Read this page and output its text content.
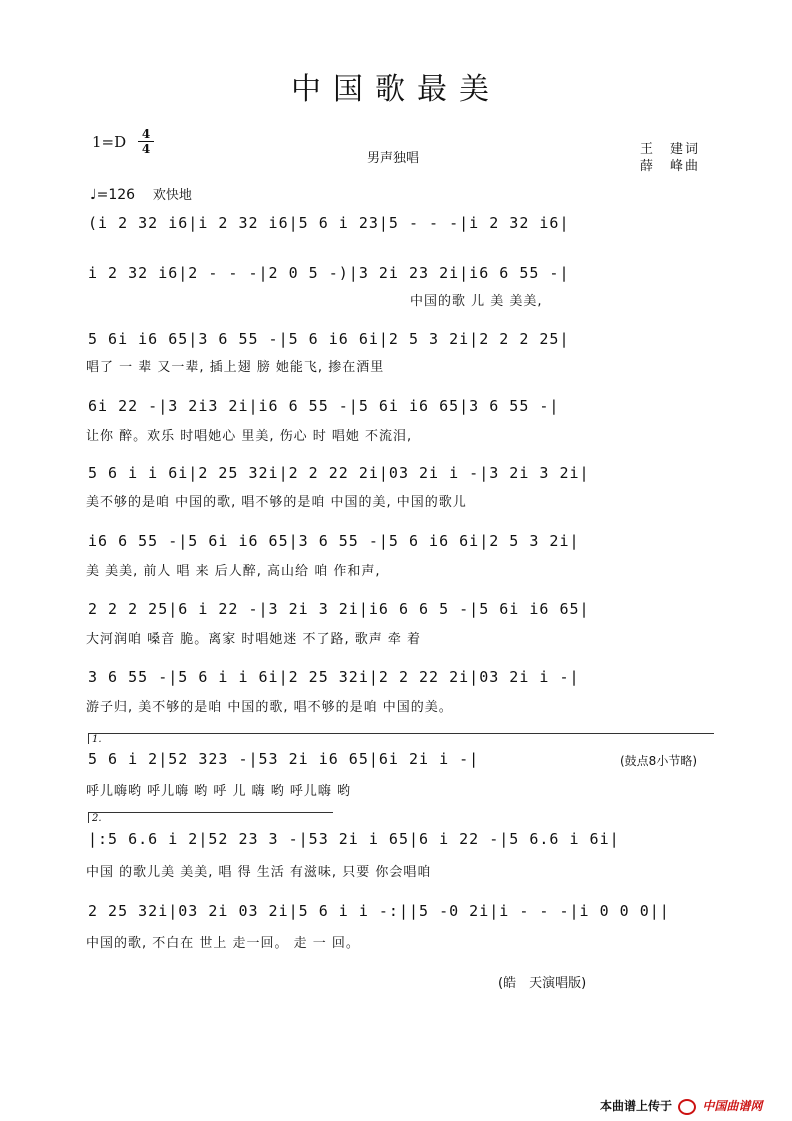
中国歌最美
1=D	4
4
男声独唱
王　建词
薛　峰曲
♩=126 欢快地
(i 2 32 i6|i 2 32 i6|5 6 i 23|5 - - -|i 2 32 i6|
i 2 32 i6|2 - - -|2 0 5 -)|3 2i 23 2i|i6 6 55 -|
中国的歌 儿 美 美美,
5 6i i6 65|3 6 55 -|5 6 i6 6i|2 5 3 2i|2 2 2 25|
唱了 一 辈 又一辈, 插上翅 膀 她能飞, 掺在酒里
6i 22 -|3 2i3 2i|i6 6 55 -|5 6i i6 65|3 6 55 -|
让你 醉。欢乐 时唱她心 里美, 伤心 时 唱她 不流泪,
5 6 i i 6i|2 25 32i|2 2 22 2i|03 2i i -|3 2i 3 2i|
美不够的是咱 中国的歌, 唱不够的是咱 中国的美, 中国的歌儿
i6 6 55 -|5 6i i6 65|3 6 55 -|5 6 i6 6i|2 5 3 2i|
美 美美, 前人 唱 来 后人醉, 高山给 咱 作和声,
2 2 2 25|6 i 22 -|3 2i 3 2i|i6 6 6 5 -|5 6i i6 65|
大河润咱 嗓音 脆。离家 时唱她迷 不了路, 歌声 牵 着
3 6 55 -|5 6 i i 6i|2 25 32i|2 2 22 2i|03 2i i -|
游子归, 美不够的是咱 中国的歌, 唱不够的是咱 中国的美。
1.
5 6 i 2|52 323 -|53 2i i6 65|6i 2i i -|	(鼓点8小节略)
呼儿嗨哟 呼儿嗨 哟 呼 儿 嗨 哟 呼儿嗨 哟
2.
|:5 6.6 i 2|52 23 3 -|53 2i i 65|6 i 22 -|5 6.6 i 6i|
中国 的歌儿美 美美, 唱 得 生活 有滋味, 只要 你会唱咱
2 25 32i|03 2i 03 2i|5 6 i i -:||5 -0 2i|i - - -|i 0 0 0||
中国的歌, 不白在 世上 走一回。 走 一 回。
(皓　天演唱版)
本曲谱上传于	中国曲谱网
